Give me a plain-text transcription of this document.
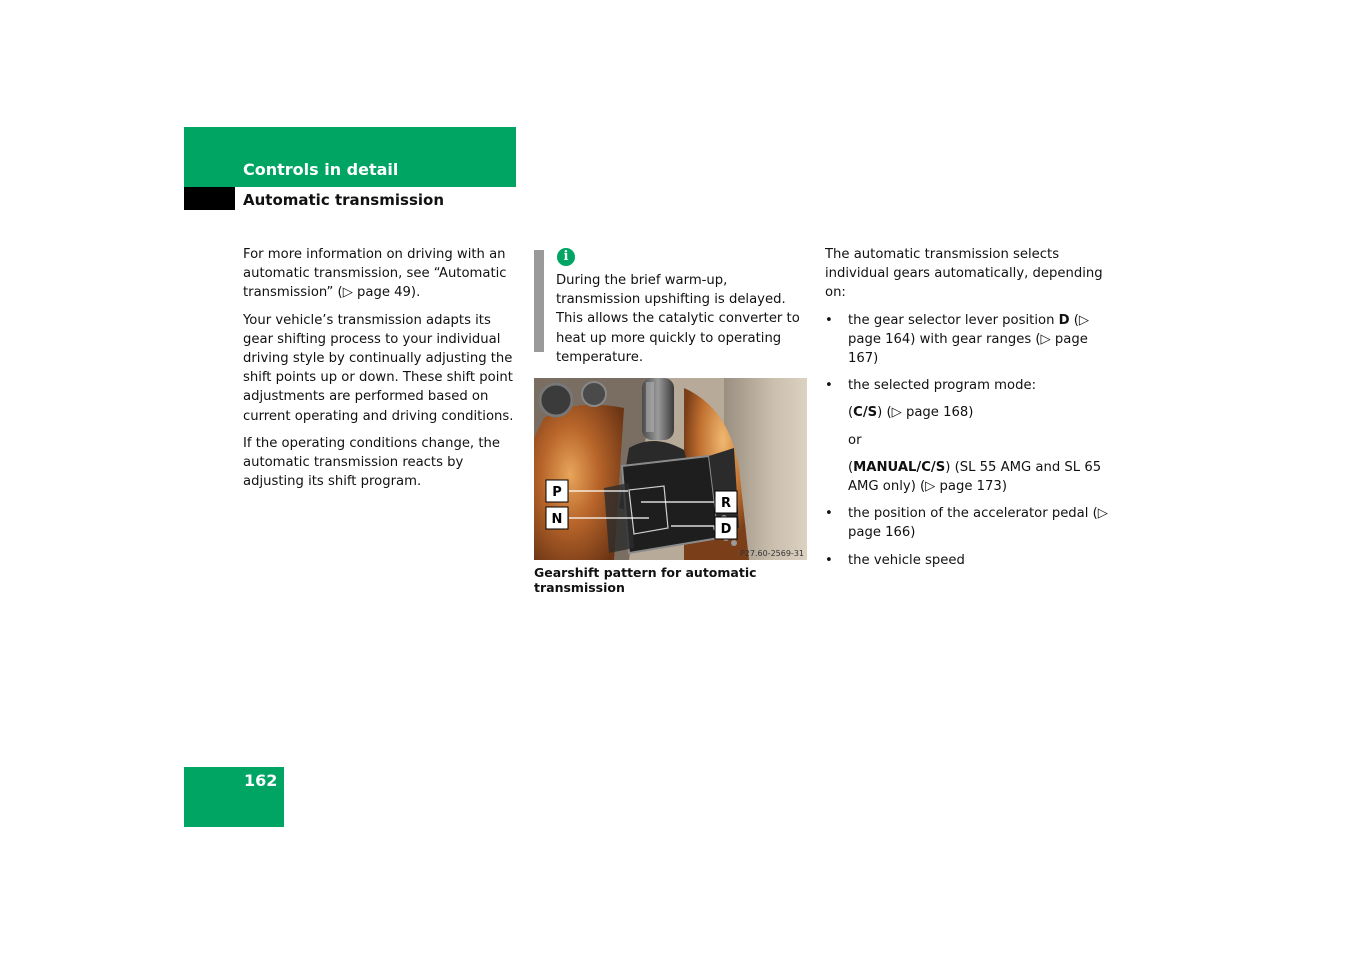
Controls in detail
Automatic transmission

For more information on driving with an automatic transmission, see “Automatic transmission” (▷ page 49).

Your vehicle’s transmission adapts its gear shifting process to your individual driving style by continually adjusting the shift points up or down. These shift point adjustments are performed based on current operating and driving conditions.

If the operating conditions change, the automatic transmission reacts by adjusting its shift program.

i
During the brief warm-up, transmission upshifting is delayed. This allows the catalytic converter to heat up more quickly to operating temperature.
P
N
R
D
P27.60-2569-31
Gearshift pattern for automatic transmission

The automatic transmission selects individual gears automatically, depending on:

• the gear selector lever position D (▷ page 164) with gear ranges (▷ page 167)
• the selected program mode:

(C/S) (▷ page 168)

or

(MANUAL/C/S) (SL 55 AMG and SL 65 AMG only) (▷ page 173)

• the position of the accelerator pedal (▷ page 166)
• the vehicle speed
162
